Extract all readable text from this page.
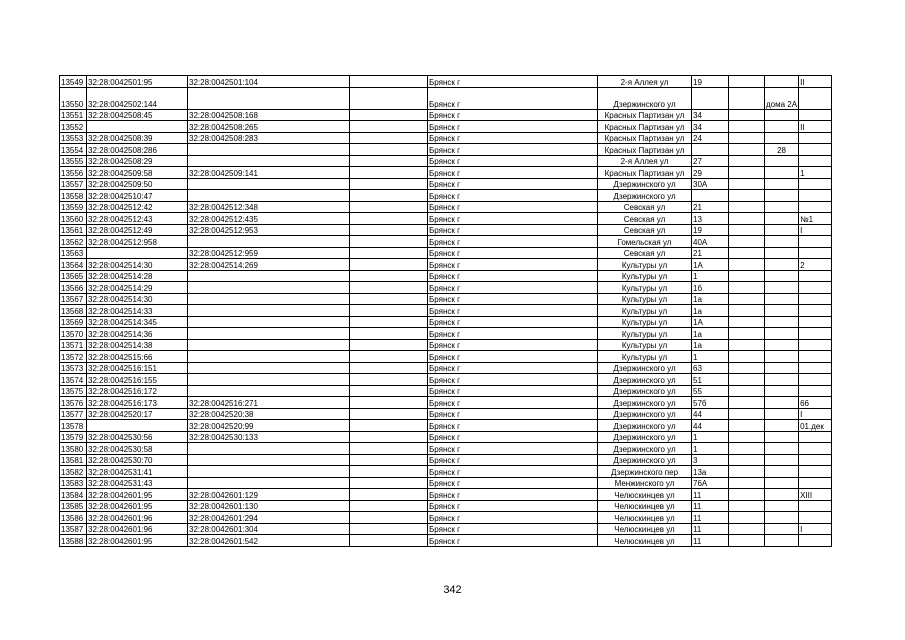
13549	32:28:0042501:95	32:28:0042501:104		Брянск г	2-я Аллея ул	19			II
13550	32:28:0042502:144			Брянск г	Дзержинского ул			дома 2А	
13551	32:28:0042508:45	32:28:0042508:168		Брянск г	Красных Партизан ул	34			
13552		32:28:0042508:265		Брянск г	Красных Партизан ул	34			II
13553	32:28:0042508:39	32:28:0042508:283		Брянск г	Красных Партизан ул	24			
13554	32:28:0042508:286			Брянск г	Красных Партизан ул			28	
13555	32:28:0042508:29			Брянск г	2-я Аллея ул	27			
13556	32:28:0042509:58	32:28:0042509:141		Брянск г	Красных Партизан ул	29			1
13557	32:28:0042509:50			Брянск г	Дзержинского ул	30А			
13558	32:28:0042510:47			Брянск г	Дзержинского ул				
13559	32:28:0042512:42	32:28:0042512:348		Брянск г	Севская ул	21			
13560	32:28:0042512:43	32:28:0042512:435		Брянск г	Севская ул	13			№1
13561	32:28:0042512:49	32:28:0042512:953		Брянск г	Севская ул	19			I
13562	32:28:0042512:958			Брянск г	Гомельская ул	40А			
13563		32:28:0042512:959		Брянск г	Севская ул	21			
13564	32:28:0042514:30	32:28:0042514:269		Брянск г	Культуры ул	1А			2
13565	32:28:0042514:28			Брянск г	Культуры ул	1			
13566	32:28:0042514:29			Брянск г	Культуры ул	1б			
13567	32:28:0042514:30			Брянск г	Культуры ул	1а			
13568	32:28:0042514:33			Брянск г	Культуры ул	1а			
13569	32:28:0042514:345			Брянск г	Культуры ул	1А			
13570	32:28:0042514:36			Брянск г	Культуры ул	1а			
13571	32:28:0042514:38			Брянск г	Культуры ул	1а			
13572	32:28:0042515:66			Брянск г	Культуры ул	1			
13573	32:28:0042516:151			Брянск г	Дзержинского ул	63			
13574	32:28:0042516:155			Брянск г	Дзержинского ул	51			
13575	32:28:0042516:172			Брянск г	Дзержинского ул	55			
13576	32:28:0042516:173	32:28:0042516:271		Брянск г	Дзержинского ул	57б			66
13577	32:28:0042520:17	32:28:0042520:38		Брянск г	Дзержинского ул	44			I
13578		32:28:0042520:99		Брянск г	Дзержинского ул	44			01.дек
13579	32:28:0042530:56	32:28:0042530:133		Брянск г	Дзержинского ул	1			
13580	32:28:0042530:58			Брянск г	Дзержинского ул	1			
13581	32:28:0042530:70			Брянск г	Дзержинского ул	3			
13582	32:28:0042531:41			Брянск г	Дзержинского пер	13а			
13583	32:28:0042531:43			Брянск г	Менжинского ул	76А			
13584	32:28:0042601:95	32:28:0042601:129		Брянск г	Челюскинцев ул	11			XIII
13585	32:28:0042601:95	32:28:0042601:130		Брянск г	Челюскинцев ул	11			
13586	32:28:0042601:96	32:28:0042601:294		Брянск г	Челюскинцев ул	11			
13587	32:28:0042601:96	32:28:0042601:304		Брянск г	Челюскинцев ул	11			I
13588	32:28:0042601:95	32:28:0042601:542		Брянск г	Челюскинцев ул	11			
342
